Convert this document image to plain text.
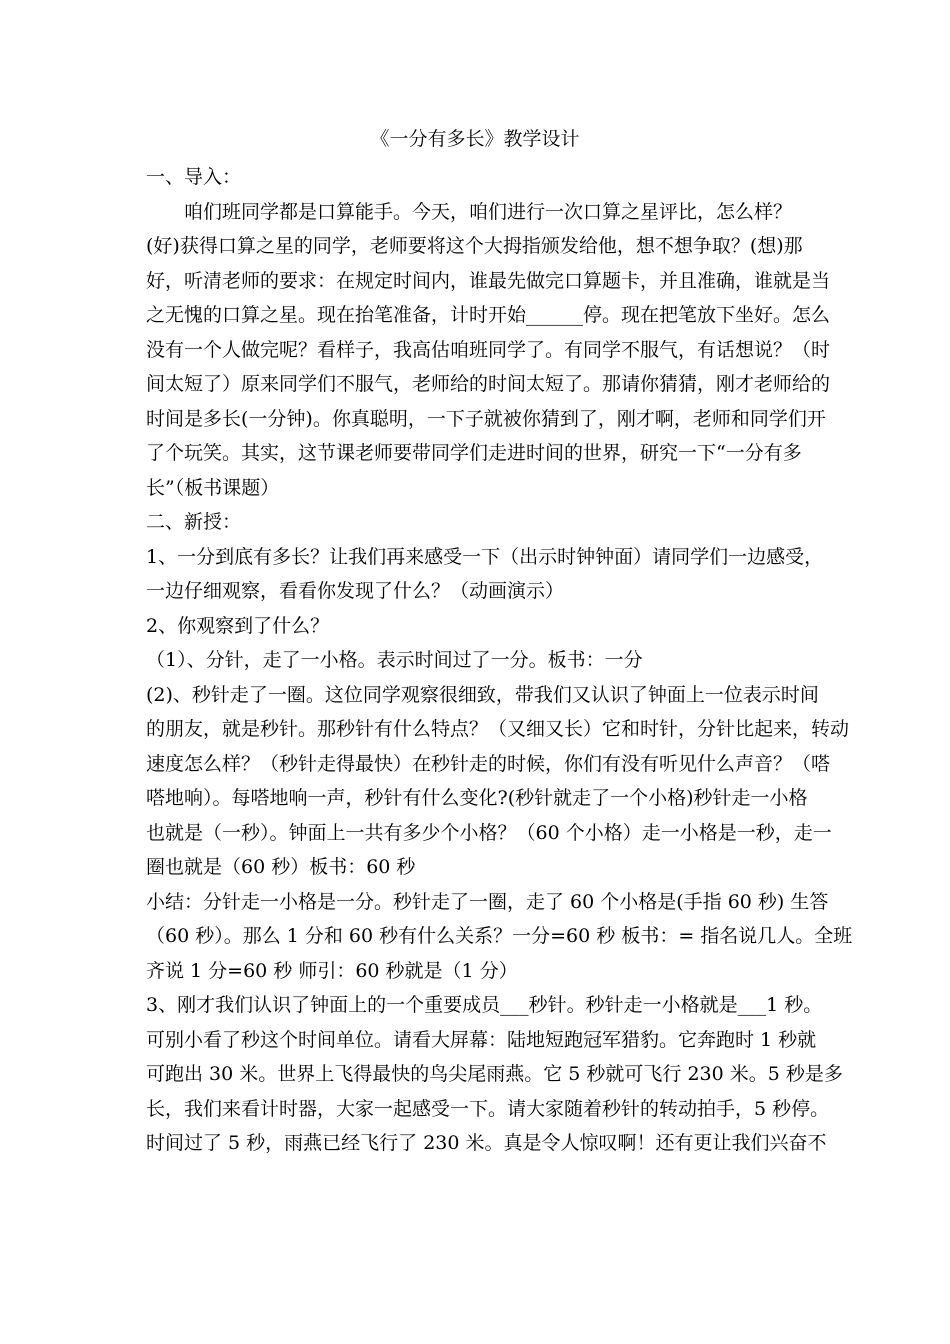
《一分有多长》教学设计
一、导入：
咱们班同学都是口算能手。今天，咱们进行一次口算之星评比，怎么样？
(好)获得口算之星的同学，老师要将这个大拇指颁发给他，想不想争取？(想)那
好，听清老师的要求：在规定时间内，谁最先做完口算题卡，并且准确，谁就是当
之无愧的口算之星。现在抬笔准备，计时开始______停。现在把笔放下坐好。怎么
没有一个人做完呢？看样子，我高估咱班同学了。有同学不服气，有话想说？（时
间太短了）原来同学们不服气，老师给的时间太短了。那请你猜猜，刚才老师给的
时间是多长(一分钟)。你真聪明，一下子就被你猜到了，刚才啊，老师和同学们开
了个玩笑。其实，这节课老师要带同学们走进时间的世界，研究一下“一分有多
长”（板书课题）
二、新授：
1、一分到底有多长？让我们再来感受一下（出示时钟钟面）请同学们一边感受，
一边仔细观察，看看你发现了什么？（动画演示）
2、你观察到了什么？
（1）、分针，走了一小格。表示时间过了一分。板书：一分
(2)、秒针走了一圈。这位同学观察很细致，带我们又认识了钟面上一位表示时间
的朋友，就是秒针。那秒针有什么特点？（又细又长）它和时针，分针比起来，转动
速度怎么样？（秒针走得最快）在秒针走的时候，你们有没有听见什么声音？（嗒
嗒地响）。每嗒地响一声，秒针有什么变化?(秒针就走了一个小格)秒针走一小格
也就是（一秒）。钟面上一共有多少个小格？（60 个小格）走一小格是一秒，走一
圈也就是（60 秒）板书：60 秒
小结：分针走一小格是一分。秒针走了一圈，走了 60 个小格是(手指 60 秒) 生答
（60 秒）。那么 1 分和 60 秒有什么关系？一分=60 秒 板书：= 指名说几人。全班
齐说 1 分=60 秒 师引：60 秒就是（1 分）
3、刚才我们认识了钟面上的一个重要成员___秒针。秒针走一小格就是___1 秒。
可别小看了秒这个时间单位。请看大屏幕：陆地短跑冠军猎豹。它奔跑时 1 秒就
可跑出 30 米。世界上飞得最快的鸟尖尾雨燕。它 5 秒就可飞行 230 米。5 秒是多
长，我们来看计时器，大家一起感受一下。请大家随着秒针的转动拍手，5 秒停。
时间过了 5 秒，雨燕已经飞行了 230 米。真是令人惊叹啊！还有更让我们兴奋不
